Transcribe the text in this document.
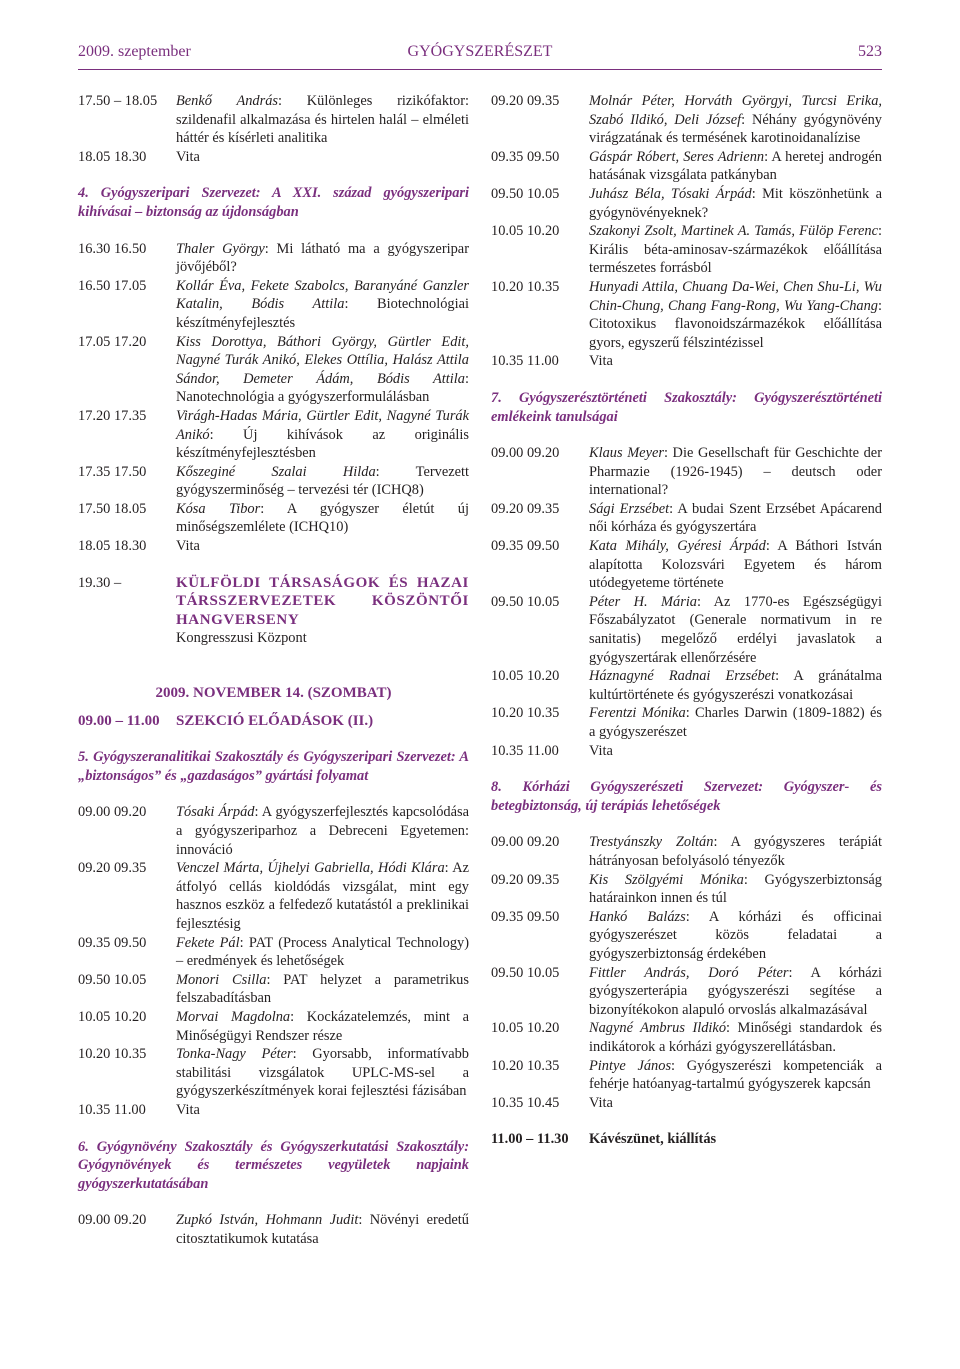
2009. szeptember	GYÓGYSZERÉSZET	523
17.50 – 18.05 Benkő András: Különleges rizikófaktor: szildenafil alkalmazása és hirtelen halál – elméleti háttér és kísérleti analitika
18.05 18.30 Vita
4. Gyógyszeripari Szervezet: A XXI. század gyógyszeripari kihívásai – biztonság az újdonságban
16.30 16.50 Thaler György: Mi látható ma a gyógyszeripar jövőjéből?
16.50 17.05 Kollár Éva, Fekete Szabolcs, Baranyáné Ganzler Katalin, Bódis Attila: Biotechnológiai készítményfejlesztés
17.05 17.20 Kiss Dorottya, Báthori György, Gürtler Edit, Nagyné Turák Anikó, Elekes Ottília, Halász Attila Sándor, Demeter Ádám, Bódis Attila: Nanotechnológia a gyógyszerformulálásban
17.20 17.35 Virágh-Hadas Mária, Gürtler Edit, Nagyné Turák Anikó: Új kihívások az originális készítményfejlesztésben
17.35 17.50 Kőszeginé Szalai Hilda: Tervezett gyógyszerminőség – tervezési tér (ICHQ8)
17.50 18.05 Kósa Tibor: A gyógyszer életút új minőségszemlélete (ICHQ10)
18.05 18.30 Vita
19.30 –	KÜLFÖLDI TÁRSASÁGOK ÉS HAZAI TÁRSSZERVEZETEK KÖSZÖNTŐI HANGVERSENY
Kongresszusi Központ
2009. NOVEMBER 14. (SZOMBAT)
09.00 – 11.00 SZEKCIÓ ELŐADÁSOK (II.)
5. Gyógyszeranalitikai Szakosztály és Gyógyszeripari Szervezet: A „biztonságos” és „gazdaságos” gyártási folyamat
09.00 09.20 Tósaki Árpád: A gyógyszerfejlesztés kapcsolódása a gyógyszeriparhoz a Debreceni Egyetemen: innováció
09.20 09.35 Venczel Márta, Újhelyi Gabriella, Hódi Klára: Az átfolyó cellás kioldódás vizsgálat, mint egy hasznos eszköz a felfedező kutatástól a preklinikai fejlesztésig
09.35 09.50 Fekete Pál: PAT (Process Analytical Technology) – eredmények és lehetőségek
09.50 10.05 Monori Csilla: PAT helyzet a parametrikus felszabadításban
10.05 10.20 Morvai Magdolna: Kockázatelemzés, mint a Minőségügyi Rendszer része
10.20 10.35 Tonka-Nagy Péter: Gyorsabb, informatívabb stabilitási vizsgálatok UPLC-MS-sel a gyógyszerkészítmények korai fejlesztési fázisában
10.35 11.00 Vita
6. Gyógynövény Szakosztály és Gyógyszerkutatási Szakosztály: Gyógynövények és természetes vegyületek napjaink gyógyszerkutatásában
09.00 09.20 Zupkó István, Hohmann Judit: Növényi eredetű citosztatikumok kutatása
09.20 09.35 Molnár Péter, Horváth Györgyi, Turcsi Erika, Szabó Ildikó, Deli József: Néhány gyógynövény virágzatának és termésének karotinoidanalízise
09.35 09.50 Gáspár Róbert, Seres Adrienn: A heretej androgén hatásának vizsgálata patkányban
09.50 10.05 Juhász Béla, Tósaki Árpád: Mit köszönhetünk a gyógynövényeknek?
10.05 10.20 Szakonyi Zsolt, Martinek A. Tamás, Fülöp Ferenc: Királis béta-aminosav-származékok előállítása természetes forrásból
10.20 10.35 Hunyadi Attila, Chuang Da-Wei, Chen Shu-Li, Wu Chin-Chung, Chang Fang-Rong, Wu Yang-Chang: Citotoxikus flavonoidszármazékok előállítása gyors, egyszerű félszintézissel
10.35 11.00 Vita
7. Gyógyszerésztörténeti Szakosztály: Gyógyszerésztörténeti emlékeink tanulságai
09.00 09.20 Klaus Meyer: Die Gesellschaft für Geschichte der Pharmazie (1926-1945) – deutsch oder international?
09.20 09.35 Sági Erzsébet: A budai Szent Erzsébet Apácarend női kórháza és gyógyszertára
09.35 09.50 Kata Mihály, Gyéresi Árpád: A Báthori István alapította Kolozsvári Egyetem és három utódegyeteme története
09.50 10.05 Péter H. Mária: Az 1770-es Egészségügyi Főszabályzatot (Generale normativum in re sanitatis) megelőző erdélyi javaslatok a gyógyszertárak ellenőrzésére
10.05 10.20 Háznagyné Radnai Erzsébet: A gránátalma kultúrtörténete és gyógyszerészi vonatkozásai
10.20 10.35 Ferentzi Mónika: Charles Darwin (1809-1882) és a gyógyszerészet
10.35 11.00 Vita
8. Kórházi Gyógyszerészeti Szervezet: Gyógyszer- és betegbiztonság, új terápiás lehetőségek
09.00 09.20 Trestyánszky Zoltán: A gyógyszeres terápiát hátrányosan befolyásoló tényezők
09.20 09.35 Kis Szölgyémi Mónika: Gyógyszerbiztonság határainkon innen és túl
09.35 09.50 Hankó Balázs: A kórházi és officinai gyógyszerészet közös feladatai a gyógyszerbiztonság érdekében
09.50 10.05 Fittler András, Doró Péter: A kórházi gyógyszerterápia gyógyszerészi segítése a bizonyítékokon alapuló orvoslás alkalmazásával
10.05 10.20 Nagyné Ambrus Ildikó: Minőségi standardok és indikátorok a kórházi gyógyszerellátásban.
10.20 10.35 Pintye János: Gyógyszerészi kompetenciák a fehérje hatóanyag-tartalmú gyógyszerek kapcsán
10.35 10.45 Vita
11.00 – 11.30 Kávészünet, kiállítás
